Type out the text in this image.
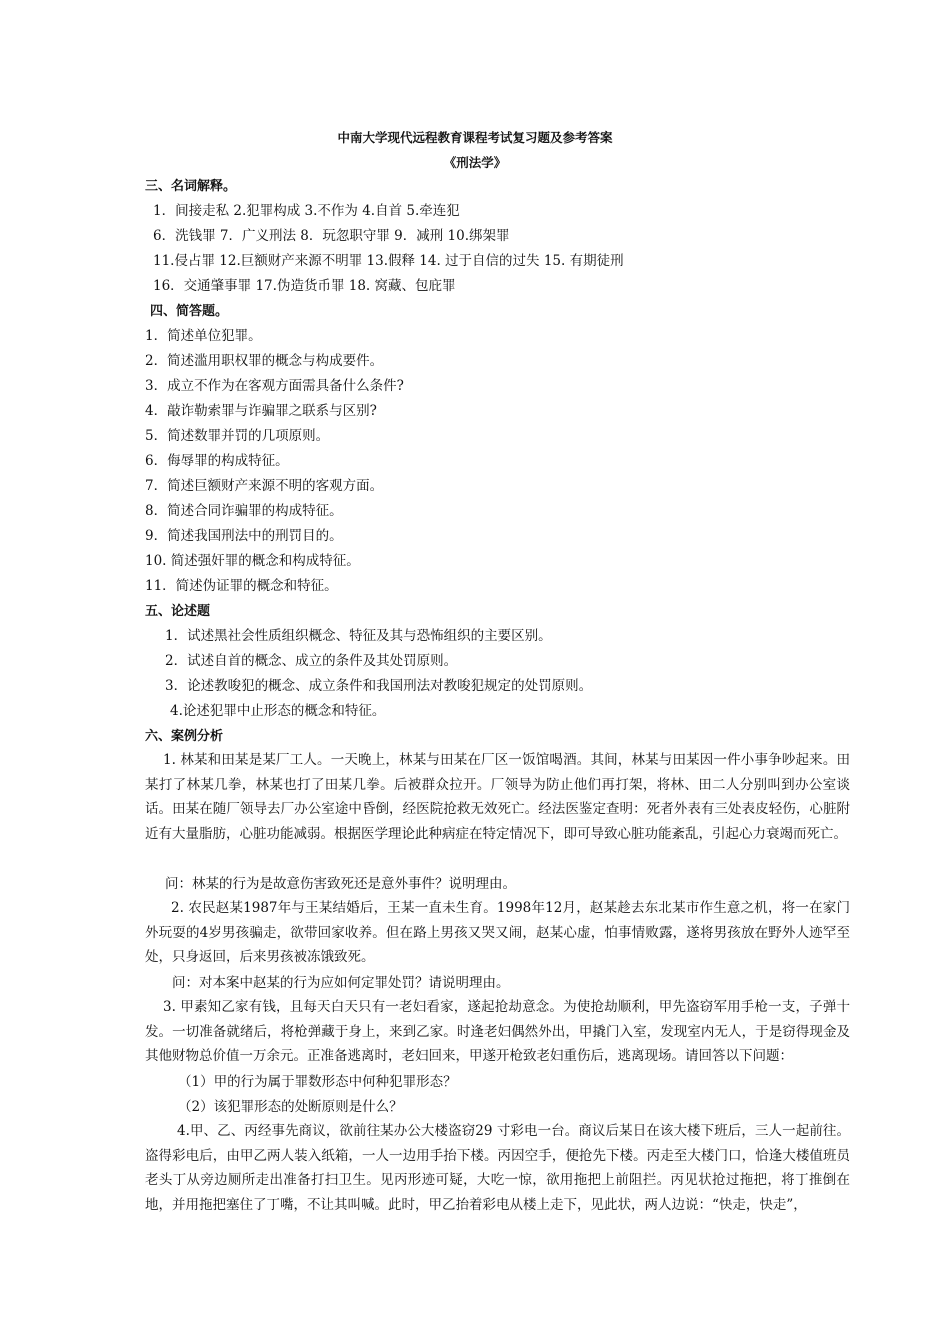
中南大学现代远程教育课程考试复习题及参考答案
《刑法学》
三、名词解释。
1．间接走私 2.犯罪构成 3.不作为 4.自首 5.牵连犯
6．洗钱罪 7．广义刑法 8．玩忽职守罪 9．减刑 10.绑架罪
11.侵占罪 12.巨额财产来源不明罪 13.假释 14. 过于自信的过失 15. 有期徒刑
16．交通肇事罪 17.伪造货币罪 18. 窝藏、包庇罪
四、简答题。
1．简述单位犯罪。
2．简述滥用职权罪的概念与构成要件。
3．成立不作为在客观方面需具备什么条件?
4．敲诈勒索罪与诈骗罪之联系与区别?
5．简述数罪并罚的几项原则。
6．侮辱罪的构成特征。
7．简述巨额财产来源不明的客观方面。
8．简述合同诈骗罪的构成特征。
9．简述我国刑法中的刑罚目的。
10. 简述强奸罪的概念和构成特征。
11．简述伪证罪的概念和特征。
五、论述题
1．试述黑社会性质组织概念、特征及其与恐怖组织的主要区别。
2．试述自首的概念、成立的条件及其处罚原则。
3．论述教唆犯的概念、成立条件和我国刑法对教唆犯规定的处罚原则。
4.论述犯罪中止形态的概念和特征。
六、案例分析
1. 林某和田某是某厂工人。一天晚上，林某与田某在厂区一饭馆喝酒。其间，林某与田某因一件小事争吵起来。田某打了林某几拳，林某也打了田某几拳。后被群众拉开。厂领导为防止他们再打架，将林、田二人分别叫到办公室谈话。田某在随厂领导去厂办公室途中昏倒，经医院抢救无效死亡。经法医鉴定查明：死者外表有三处表皮轻伤，心脏附近有大量脂肪，心脏功能减弱。根据医学理论此种病症在特定情况下，即可导致心脏功能紊乱，引起心力衰竭而死亡。
问：林某的行为是故意伤害致死还是意外事件？说明理由。
2. 农民赵某1987年与王某结婚后，王某一直未生育。1998年12月，赵某趁去东北某市作生意之机，将一在家门外玩耍的4岁男孩骗走，欲带回家收养。但在路上男孩又哭又闹，赵某心虚，怕事情败露，遂将男孩放在野外人迹罕至处，只身返回，后来男孩被冻饿致死。
问：对本案中赵某的行为应如何定罪处罚？请说明理由。
3. 甲素知乙家有钱，且每天白天只有一老妇看家，遂起抢劫意念。为使抢劫顺利，甲先盗窃军用手枪一支，子弹十发。一切准备就绪后，将枪弹藏于身上，来到乙家。时逢老妇偶然外出，甲撬门入室，发现室内无人，于是窃得现金及其他财物总价值一万余元。正准备逃离时，老妇回来，甲遂开枪致老妇重伤后，逃离现场。请回答以下问题：
（1）甲的行为属于罪数形态中何种犯罪形态？
（2）该犯罪形态的处断原则是什么？
4.甲、乙、丙经事先商议，欲前往某办公大楼盗窃29 寸彩电一台。商议后某日在该大楼下班后，三人一起前往。盗得彩电后，由甲乙两人装入纸箱，一人一边用手抬下楼。丙因空手，便抢先下楼。丙走至大楼门口，恰逢大楼值班员老头丁从旁边厕所走出准备打扫卫生。见丙形迹可疑，大吃一惊，欲用拖把上前阻拦。丙见状抢过拖把，将丁推倒在地，并用拖把塞住了丁嘴，不让其叫喊。此时，甲乙抬着彩电从楼上走下，见此状，两人边说：“快走，快走”，
